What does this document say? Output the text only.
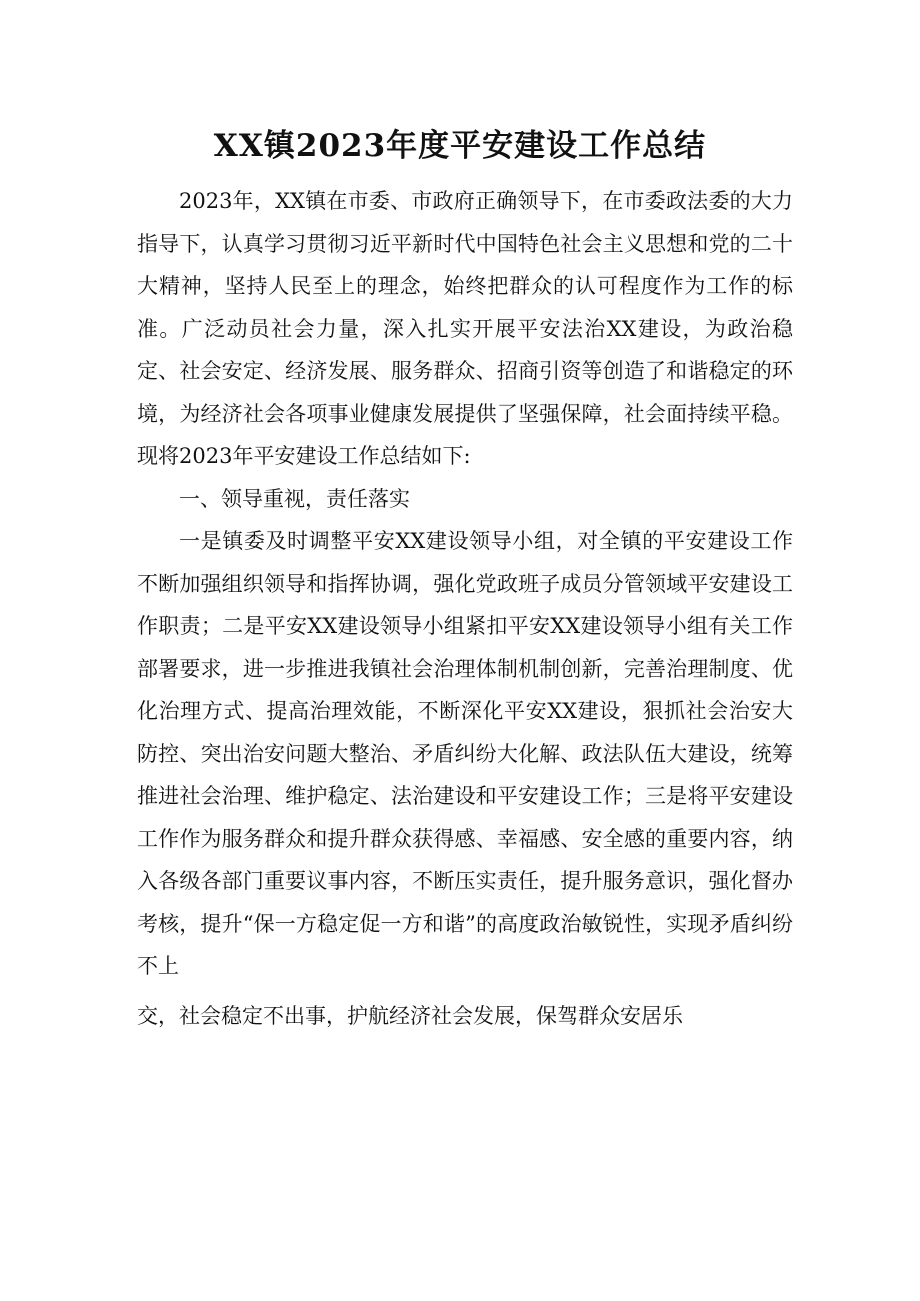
XX镇2023年度平安建设工作总结

2023年，XX镇在市委、市政府正确领导下，在市委政法委的大力指导下，认真学习贯彻习近平新时代中国特色社会主义思想和党的二十大精神，坚持人民至上的理念，始终把群众的认可程度作为工作的标准。广泛动员社会力量，深入扎实开展平安法治XX建设，为政治稳定、社会安定、经济发展、服务群众、招商引资等创造了和谐稳定的环境，为经济社会各项事业健康发展提供了坚强保障，社会面持续平稳。现将2023年平安建设工作总结如下:

一、领导重视，责任落实

一是镇委及时调整平安XX建设领导小组，对全镇的平安建设工作不断加强组织领导和指挥协调，强化党政班子成员分管领域平安建设工作职责；二是平安XX建设领导小组紧扣平安XX建设领导小组有关工作部署要求，进一步推进我镇社会治理体制机制创新，完善治理制度、优化治理方式、提高治理效能，不断深化平安XX建设，狠抓社会治安大防控、突出治安问题大整治、矛盾纠纷大化解、政法队伍大建设，统筹推进社会治理、维护稳定、法治建设和平安建设工作；三是将平安建设工作作为服务群众和提升群众获得感、幸福感、安全感的重要内容，纳入各级各部门重要议事内容，不断压实责任，提升服务意识，强化督办考核，提升“保一方稳定促一方和谐”的高度政治敏锐性，实现矛盾纠纷不上

交，社会稳定不出事，护航经济社会发展，保驾群众安居乐
